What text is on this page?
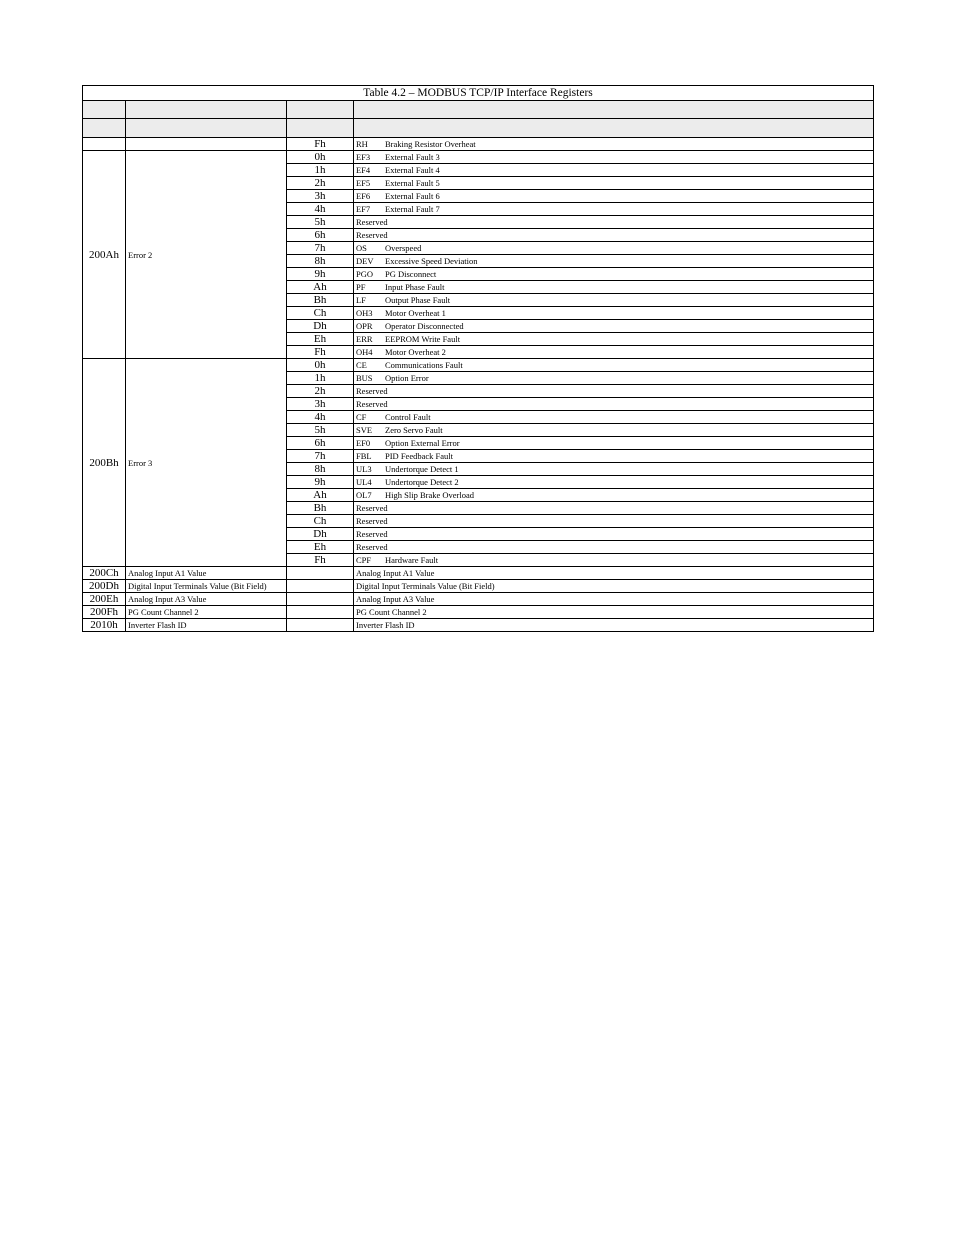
Table 4.2 – MODBUS TCP/IP Interface Registers			

		Fh	RH Braking Resistor Overheat
200Ah	Error 2	0h	EF3 External Fault 3
		1h	EF4 External Fault 4
		2h	EF5 External Fault 5
		3h	EF6 External Fault 6
		4h	EF7 External Fault 7
		5h	Reserved
		6h	Reserved
		7h	OS Overspeed
		8h	DEV Excessive Speed Deviation
		9h	PGO PG Disconnect
		Ah	PF Input Phase Fault
		Bh	LF Output Phase Fault
		Ch	OH3 Motor Overheat 1
		Dh	OPR Operator Disconnected
		Eh	ERR EEPROM Write Fault
		Fh	OH4 Motor Overheat 2
200Bh	Error 3	0h	CE Communications Fault
		1h	BUS Option Error
		2h	Reserved
		3h	Reserved
		4h	CF Control Fault
		5h	SVE Zero Servo Fault
		6h	EF0 Option External Error
		7h	FBL PID Feedback Fault
		8h	UL3 Undertorque Detect 1
		9h	UL4 Undertorque Detect 2
		Ah	OL7 High Slip Brake Overload
		Bh	Reserved
		Ch	Reserved
		Dh	Reserved
		Eh	Reserved
		Fh	CPF Hardware Fault
200Ch	Analog Input A1 Value		Analog Input A1 Value
200Dh	Digital Input Terminals Value (Bit Field)		Digital Input Terminals Value (Bit Field)
200Eh	Analog Input A3 Value		Analog Input A3 Value
200Fh	PG Count Channel 2		PG Count Channel 2
2010h	Inverter Flash ID		Inverter Flash ID
